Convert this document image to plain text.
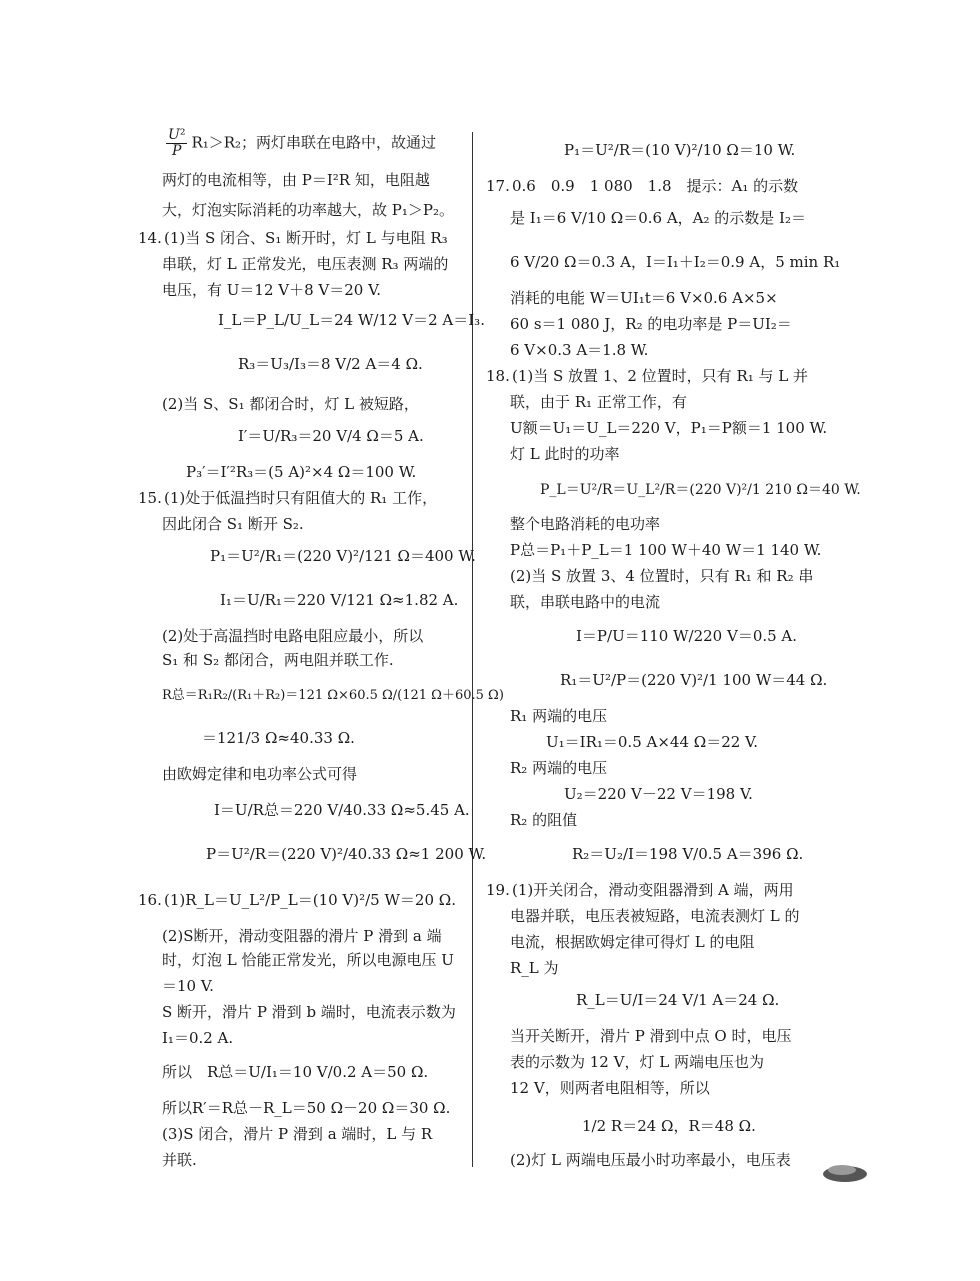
$\frac{\text{U²}}{P} R_1>R_2$；两灯串联在电路中，故通过
两灯的电流相等，由 P＝I²R 知，电阻越
大，灯泡实际消耗的功率越大，故 P₁＞P₂。
14. (1)当 S 闭合、S₁ 断开时，灯 L 与电阻 R₃
串联，灯 L 正常发光，电压表测 R₃ 两端的
电压，有 U＝12 V＋8 V＝20 V.
I_L＝P_L/U_L＝24 W/12 V＝2 A＝I₃.
R₃＝U₃/I₃＝8 V/2 A＝4 Ω.
(2)当 S、S₁ 都闭合时，灯 L 被短路，
I′＝U/R₃＝20 V/4 Ω＝5 A.
P₃′＝I′²R₃＝(5 A)²×4 Ω＝100 W.
15. (1)处于低温挡时只有阻值大的 R₁ 工作，
因此闭合 S₁ 断开 S₂.
P₁＝U²/R₁＝(220 V)²/121 Ω＝400 W.
I₁＝U/R₁＝220 V/121 Ω≈1.82 A.
(2)处于高温挡时电路电阻应最小，所以
S₁ 和 S₂ 都闭合，两电阻并联工作.
R总＝R₁R₂/(R₁＋R₂)＝121 Ω×60.5 Ω/(121 Ω＋60.5 Ω)
＝121/3 Ω≈40.33 Ω.
由欧姆定律和电功率公式可得
I＝U/R总＝220 V/40.33 Ω≈5.45 A.
P＝U²/R＝(220 V)²/40.33 Ω≈1 200 W.
16. (1)R_L＝U_L²/P_L＝(10 V)²/5 W＝20 Ω.
(2)S断开，滑动变阻器的滑片 P 滑到 a 端
时，灯泡 L 恰能正常发光，所以电源电压 U
＝10 V.
S 断开，滑片 P 滑到 b 端时，电流表示数为
I₁＝0.2 A.
所以　R总＝U/I₁＝10 V/0.2 A＝50 Ω.
所以R′＝R总－R_L＝50 Ω－20 Ω＝30 Ω.
(3)S 闭合，滑片 P 滑到 a 端时，L 与 R
并联.
P₁＝U²/R＝(10 V)²/10 Ω＝10 W.
17. 0.6　0.9　1 080　1.8　提示：A₁ 的示数
是 I₁＝6 V/10 Ω＝0.6 A，A₂ 的示数是 I₂＝
6 V/20 Ω＝0.3 A，I＝I₁＋I₂＝0.9 A，5 min R₁
消耗的电能 W＝UI₁t＝6 V×0.6 A×5×
60 s＝1 080 J，R₂ 的电功率是 P＝UI₂＝
6 V×0.3 A＝1.8 W.
18. (1)当 S 放置 1、2 位置时，只有 R₁ 与 L 并
联，由于 R₁ 正常工作，有
U额＝U₁＝U_L＝220 V，P₁＝P额＝1 100 W.
灯 L 此时的功率
P_L＝U²/R＝U_L²/R＝(220 V)²/1 210 Ω＝40 W.
整个电路消耗的电功率
P总＝P₁＋P_L＝1 100 W＋40 W＝1 140 W.
(2)当 S 放置 3、4 位置时，只有 R₁ 和 R₂ 串
联，串联电路中的电流
I＝P/U＝110 W/220 V＝0.5 A.
R₁＝U²/P＝(220 V)²/1 100 W＝44 Ω.
R₁ 两端的电压
U₁＝IR₁＝0.5 A×44 Ω＝22 V.
R₂ 两端的电压
U₂＝220 V－22 V＝198 V.
R₂ 的阻值
R₂＝U₂/I＝198 V/0.5 A＝396 Ω.
19. (1)开关闭合，滑动变阻器滑到 A 端，两用
电器并联，电压表被短路，电流表测灯 L 的
电流，根据欧姆定律可得灯 L 的电阻
R_L 为
R_L＝U/I＝24 V/1 A＝24 Ω.
当开关断开，滑片 P 滑到中点 O 时，电压
表的示数为 12 V，灯 L 两端电压也为
12 V，则两者电阻相等，所以
1/2 R＝24 Ω，R＝48 Ω.
(2)灯 L 两端电压最小时功率最小，电压表
